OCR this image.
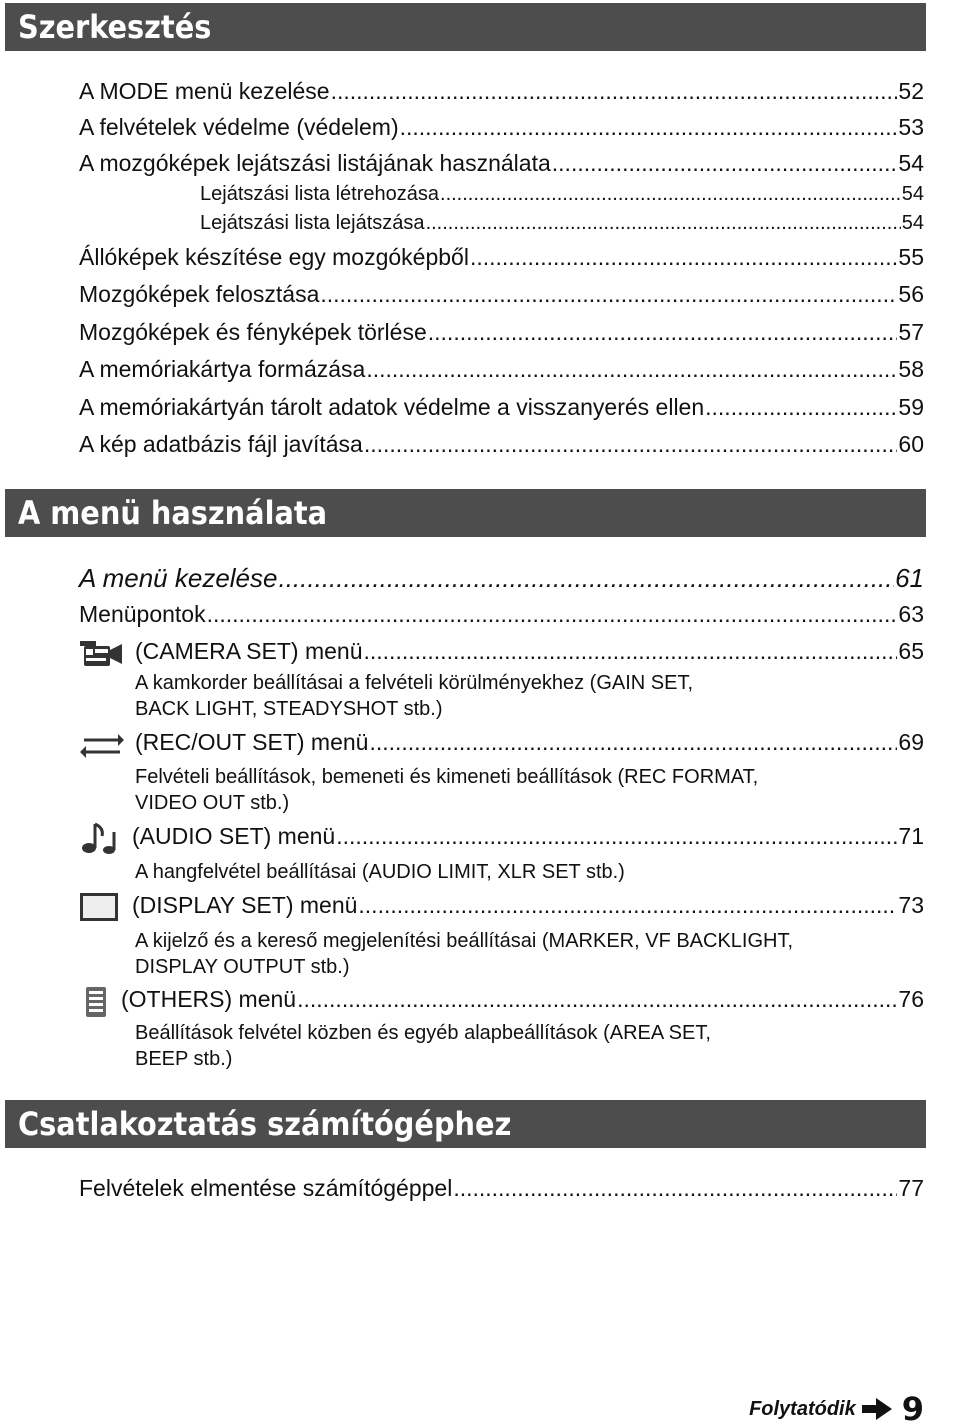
Szerkesztés
A MODE menü kezelése .....	52
A felvételek védelme (védelem) .....	53
A mozgóképek lejátszási listájának használata .....	54
Lejátszási lista létrehozása .....	54
Lejátszási lista lejátszása .....	54
Állóképek készítése egy mozgóképből .....	55
Mozgóképek felosztása .....	56
Mozgóképek és fényképek törlése .....	57
A memóriakártya formázása .....	58
A memóriakártyán tárolt adatok védelme a visszanyerés ellen .....	59
A kép adatbázis fájl javítása .....	60
A menü használata
A menü kezelése .....	61
Menüpontok .....	63
(CAMERA SET) menü .....	65
A kamkorder beállításai a felvételi körülményekhez (GAIN SET,
BACK LIGHT, STEADYSHOT stb.)
(REC/OUT SET) menü .....	69
Felvételi beállítások, bemeneti és kimeneti beállítások (REC FORMAT,
VIDEO OUT stb.)
(AUDIO SET) menü .....	71
A hangfelvétel beállításai (AUDIO LIMIT, XLR SET stb.)
(DISPLAY SET) menü .....	73
A kijelző és a kereső megjelenítési beállításai (MARKER, VF BACKLIGHT,
DISPLAY OUTPUT stb.)
(OTHERS) menü .....	76
Beállítások felvétel közben és egyéb alapbeállítások (AREA SET,
BEEP stb.)
Csatlakoztatás számítógéphez
Felvételek elmentése számítógéppel .....	77
Folytatódik 9
